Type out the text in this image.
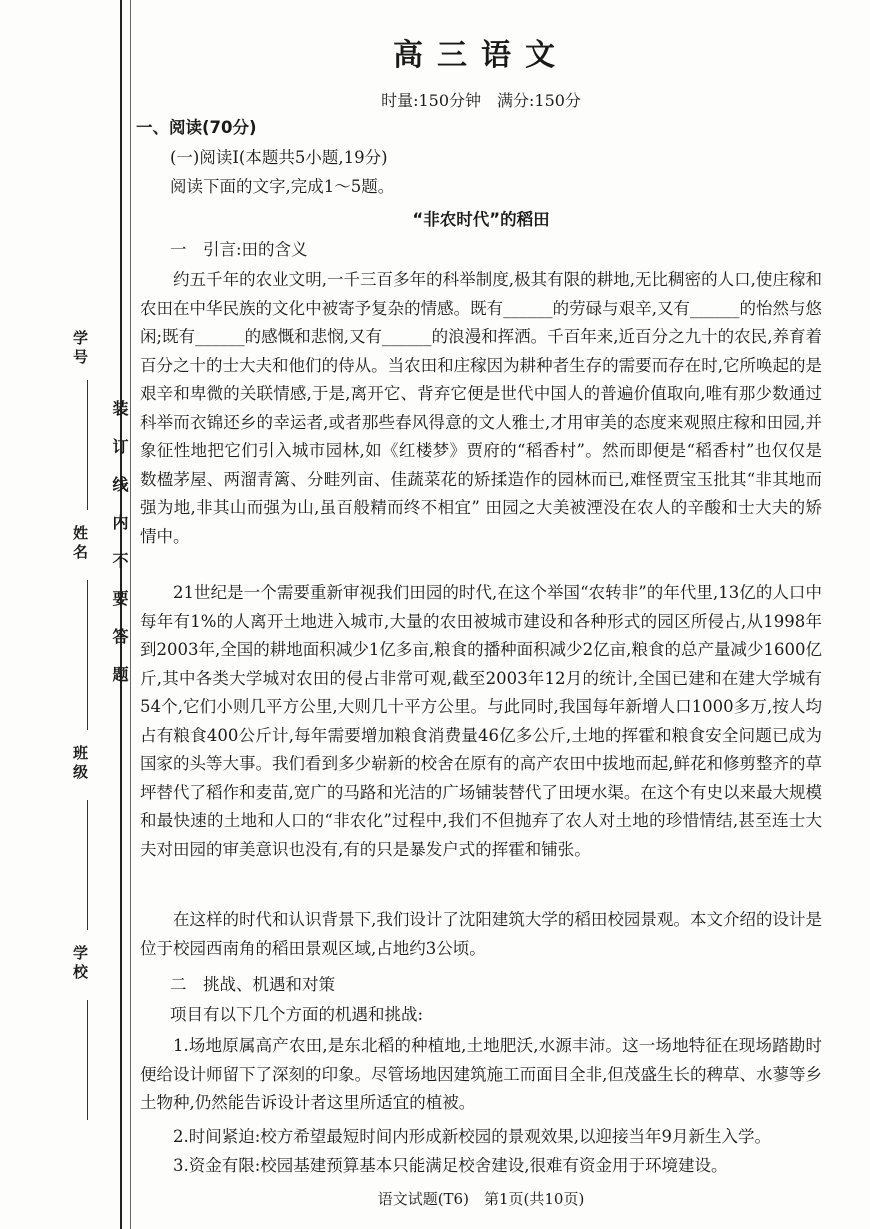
学号
姓名
班级
学校
装订线内不要答题
高三语文
时量:150分钟　满分:150分
一、阅读(70分)
(一)阅读Ⅰ(本题共5小题,19分)
阅读下面的文字,完成1～5题。
“非农时代”的稻田
一　引言:田的含义
约五千年的农业文明,一千三百多年的科举制度,极其有限的耕地,无比稠密的人口,使庄稼和农田在中华民族的文化中被寄予复杂的情感。既有______的劳碌与艰辛,又有______的怡然与悠闲;既有______的感慨和悲悯,又有______的浪漫和挥洒。千百年来,近百分之九十的农民,养育着百分之十的士大夫和他们的侍从。当农田和庄稼因为耕种者生存的需要而存在时,它所唤起的是艰辛和卑微的关联情感,于是,离开它、背弃它便是世代中国人的普遍价值取向,唯有那少数通过科举而衣锦还乡的幸运者,或者那些春风得意的文人雅士,才用审美的态度来观照庄稼和田园,并象征性地把它们引入城市园林,如《红楼梦》贾府的“稻香村”。然而即便是“稻香村”也仅仅是数楹茅屋、两溜青篱、分畦列亩、佳蔬菜花的矫揉造作的园林而已,难怪贾宝玉批其“非其地而强为地,非其山而强为山,虽百般精而终不相宜” 田园之大美被湮没在农人的辛酸和士大夫的矫情中。
21世纪是一个需要重新审视我们田园的时代,在这个举国“农转非”的年代里,13亿的人口中每年有1%的人离开土地进入城市,大量的农田被城市建设和各种形式的园区所侵占,从1998年到2003年,全国的耕地面积减少1亿多亩,粮食的播种面积减少2亿亩,粮食的总产量减少1600亿斤,其中各类大学城对农田的侵占非常可观,截至2003年12月的统计,全国已建和在建大学城有54个,它们小则几平方公里,大则几十平方公里。与此同时,我国每年新增人口1000多万,按人均占有粮食400公斤计,每年需要增加粮食消费量46亿多公斤,土地的挥霍和粮食安全问题已成为国家的头等大事。我们看到多少崭新的校舍在原有的高产农田中拔地而起,鲜花和修剪整齐的草坪替代了稻作和麦苗,宽广的马路和光洁的广场铺装替代了田埂水渠。在这个有史以来最大规模和最快速的土地和人口的“非农化”过程中,我们不但抛弃了农人对土地的珍惜情结,甚至连士大夫对田园的审美意识也没有,有的只是暴发户式的挥霍和铺张。
在这样的时代和认识背景下,我们设计了沈阳建筑大学的稻田校园景观。本文介绍的设计是位于校园西南角的稻田景观区域,占地约3公顷。
二　挑战、机遇和对策
项目有以下几个方面的机遇和挑战:
1.场地原属高产农田,是东北稻的种植地,土地肥沃,水源丰沛。这一场地特征在现场踏勘时便给设计师留下了深刻的印象。尽管场地因建筑施工而面目全非,但茂盛生长的稗草、水蓼等乡土物种,仍然能告诉设计者这里所适宜的植被。
2.时间紧迫:校方希望最短时间内形成新校园的景观效果,以迎接当年9月新生入学。
3.资金有限:校园基建预算基本只能满足校舍建设,很难有资金用于环境建设。
语文试题(T6)　第1页(共10页)
